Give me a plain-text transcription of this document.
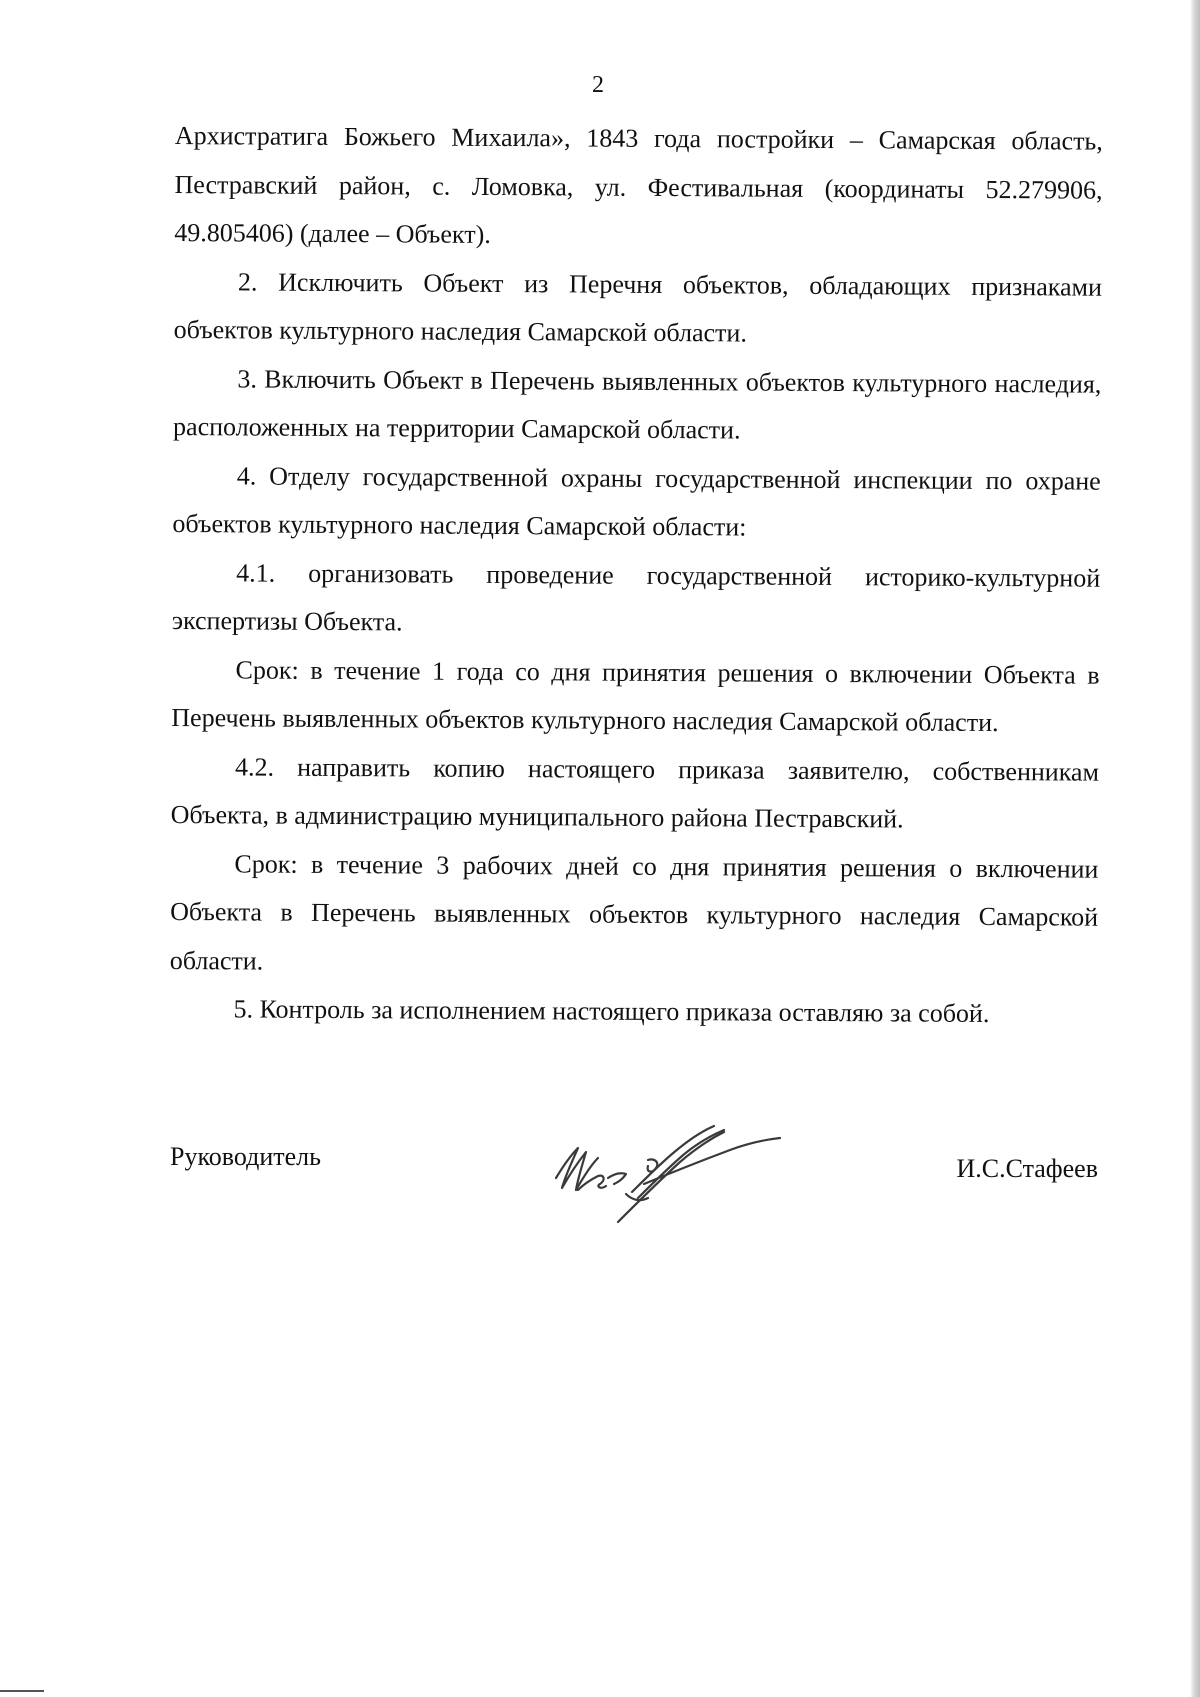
2

Архистратига Божьего Михаила», 1843 года постройки – Самарская область, Пестравский район, с. Ломовка, ул. Фестивальная (координаты 52.279906, 49.805406) (далее – Объект).

2. Исключить Объект из Перечня объектов, обладающих признаками объектов культурного наследия Самарской области.

3. Включить Объект в Перечень выявленных объектов культурного наследия, расположенных на территории Самарской области.

4. Отделу государственной охраны государственной инспекции по охране объектов культурного наследия Самарской области:

4.1. организовать проведение государственной историко-культурной экспертизы Объекта.

Срок: в течение 1 года со дня принятия решения о включении Объекта в Перечень выявленных объектов культурного наследия Самарской области.

4.2. направить копию настоящего приказа заявителю, собственникам Объекта, в администрацию муниципального района Пестравский.

Срок: в течение 3 рабочих дней со дня принятия решения о включении Объекта в Перечень выявленных объектов культурного наследия Самарской области.

5. Контроль за исполнением настоящего приказа оставляю за собой.

Руководитель	И.С.Стафеев
